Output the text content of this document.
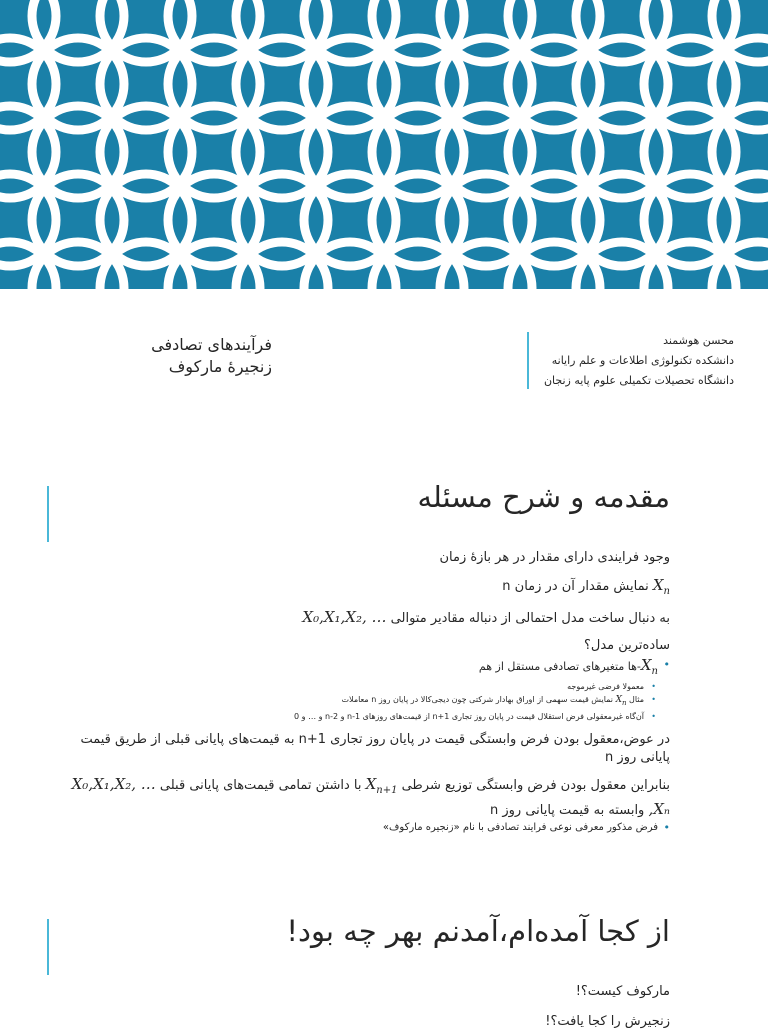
فرآیندهای تصادفی
زنجیرهٔ مارکوف
محسن هوشمند
دانشکده تکنولوژی اطلاعات و علم رایانه
دانشگاه تحصیلات تکمیلی علوم پایه زنجان
مقدمه و شرح مسئله

وجود فرایندی دارای مقدار در هر بازهٔ زمان

$X_n$ نمایش مقدار آن در زمان n

به دنبال ساخت مدل احتمالی از دنباله مقادیر متوالی X₀,X₁,X₂, …

ساده‌ترین مدل؟

• $X_n-ها$ متغیرهای تصادفی مستقل از هم

• معمولا فرضی غیرموجه

• مثال $X_n$ نمایش قیمت سهمی از اوراق بهادار شرکتی چون دیجی‌کالا در پایان روز n معاملات

• آن‌گاه غیرمعقولی فرض استقلال قیمت در پایان روز تجاری n+1 از قیمت‌های روزهای n-1 و n-2 و … و 0

در عوض،معقول بودن فرض وابستگی قیمت در پایان روز تجاری n+1 به قیمت‌های پایانی قبلی از طریق قیمت پایانی روز n

بنابراین معقول بودن فرض وابستگی توزیع شرطی $X_{n+1}$ با داشتن تمامی قیمت‌های پایانی قبلی X₀,X₁,X₂, … ,Xₙ وابسته به قیمت پایانی روز n

• فرض مذکور معرفی نوعی فرایند تصادفی با نام «زنجیره مارکوف»

از کجا آمده‌ام،آمدنم بهر چه بود!

مارکوف کیست؟!

زنجیرش را کجا یافت؟!
